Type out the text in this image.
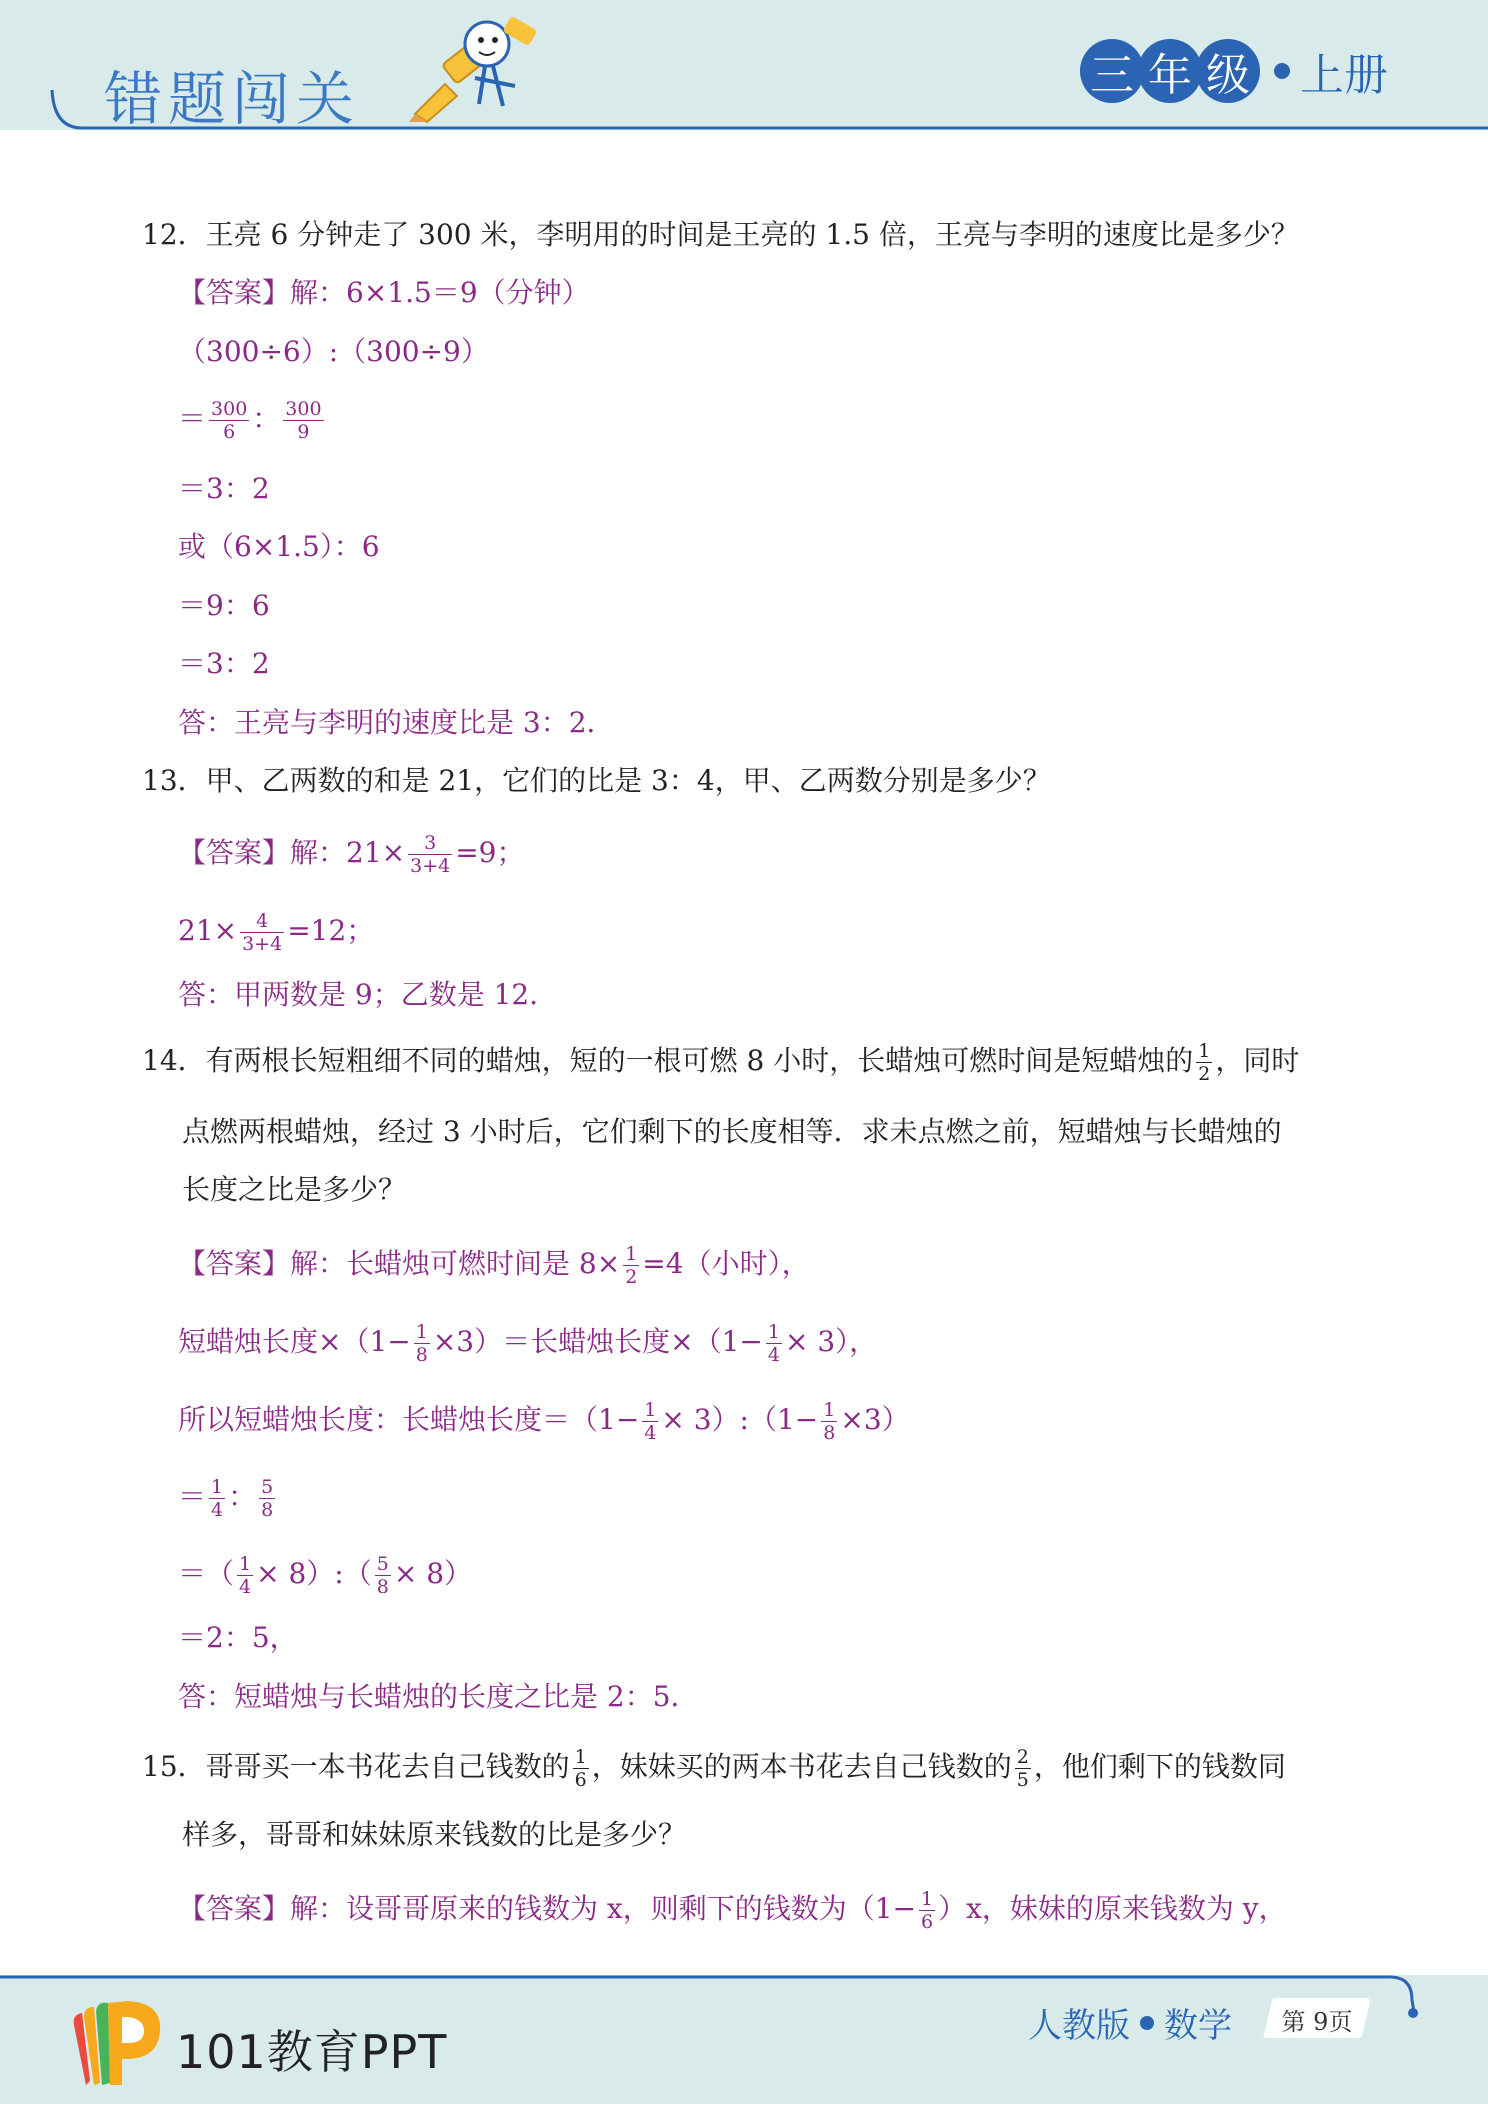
错题闯关	三 年 级 上册
12．王亮 6 分钟走了 300 米，李明用的时间是王亮的 1.5 倍，王亮与李明的速度比是多少？
【答案】解：6×1.5＝9（分钟）
（300÷6）:（300÷9）
＝ $\frac{300}{6}$ ： $\frac{300}{9}$
＝3：2
或（6×1.5）：6
＝9：6
＝3：2
答：王亮与李明的速度比是 3：2．
13．甲、乙两数的和是 21，它们的比是 3：4，甲、乙两数分别是多少？
【答案】解：$21\times \frac{3}{3+4} =9$；
$21\times \frac{4}{3+4} =12$；
答：甲两数是 9；乙数是 12．
14．有两根长短粗细不同的蜡烛，短的一根可燃 8 小时，长蜡烛可燃时间是短蜡烛的 $\frac{1}{2}$ ，同时
点燃两根蜡烛，经过 3 小时后，它们剩下的长度相等．求未点燃之前，短蜡烛与长蜡烛的
长度之比是多少？
【答案】解：长蜡烛可燃时间是 $8\times \frac{1}{2} =4$（小时），
短蜡烛长度$\times(1- \frac{1}{8} \times 3)=$长蜡烛长度$\times(1- \frac{1}{4} \times 3)$，
所以短蜡烛长度：长蜡烛长度$=(1- \frac{1}{4}$ × 3）:（1− $\frac{1}{8} \times 3$）
＝ $\frac{1}{4}$ ： $\frac{5}{8}$
＝（ $\frac{1}{4}$ × 8）:（ $\frac{5}{8} \times 8$）
＝2：5，
答：短蜡烛与长蜡烛的长度之比是 2：5．
15．哥哥买一本书花去自己钱数的 $\frac{1}{6}$ ，妹妹买的两本书花去自己钱数的 $\frac{2}{5}$ ，他们剩下的钱数同
样多，哥哥和妹妹原来钱数的比是多少？
【答案】解：设哥哥原来的钱数为 x，则剩下的钱数为$(1- \frac{1}{6} )x$，妹妹的原来钱数为 y，
101教育PPT	人教版 数学	第 9页
